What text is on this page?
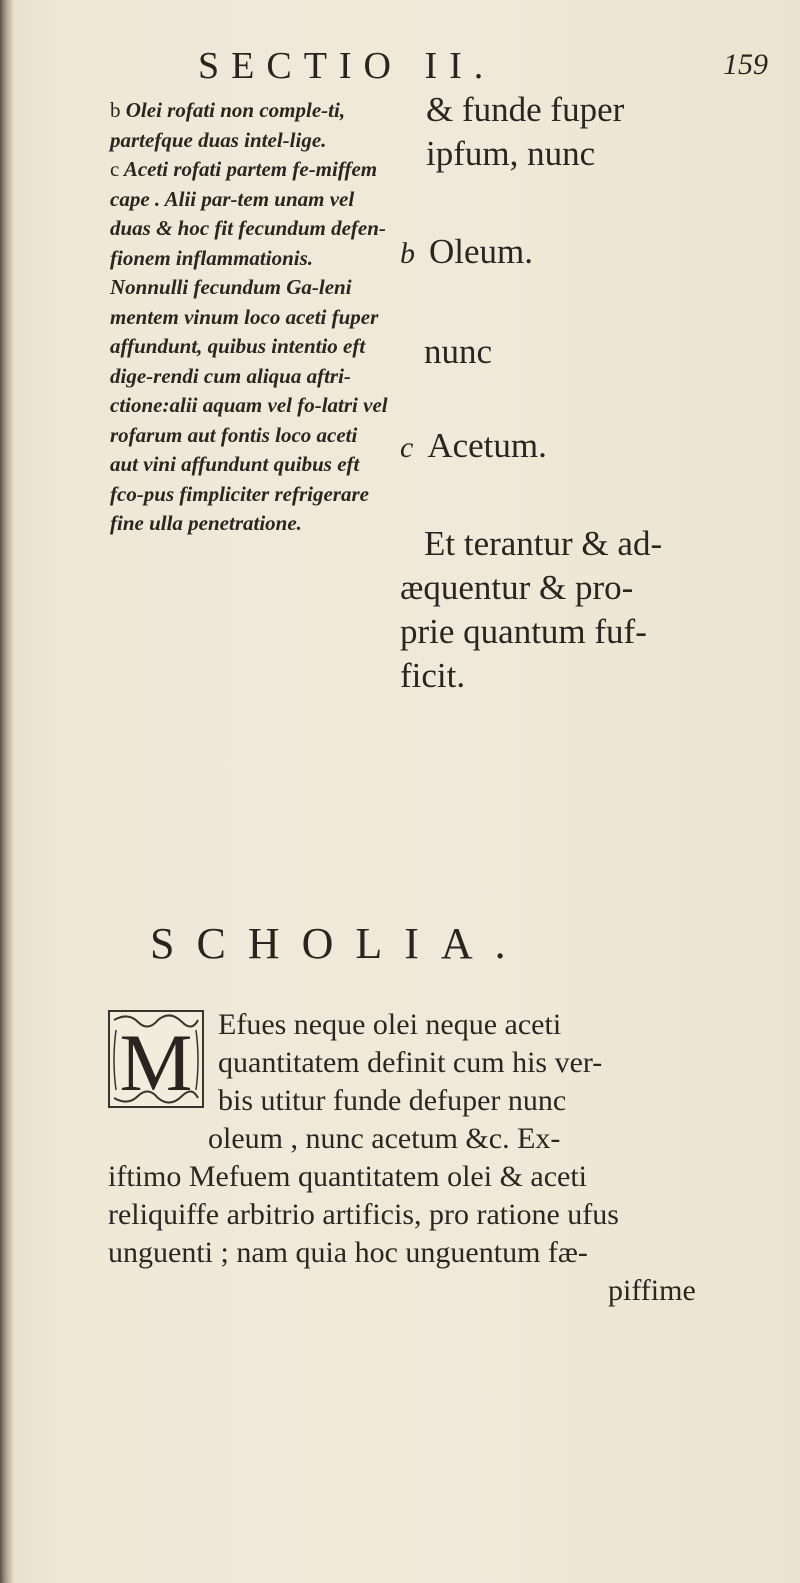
SECTIO II.	159

b Olei rofati non comple-ti, partefque duas intel-lige.

c Aceti rofati partem fe-miffem cape . Alii par-tem unam vel duas & hoc fit fecundum defen-fionem inflammationis. Nonnulli fecundum Ga-leni mentem vinum loco aceti fuper affundunt, quibus intentio eft dige-rendi cum aliqua aftri-ctione:alii aquam vel fo-latri vel rofarum aut fontis loco aceti aut vini affundunt quibus eft fco-pus fimpliciter refrigerare fine ulla penetratione.

& funde fuper
ipfum, nunc
b Oleum.
nunc
c Acetum.
Et terantur & ad-
æquentur & pro-
prie quantum fuf-
ficit.
SCHOLIA.
M Efues neque olei neque aceti
quantitatem definit cum his ver-
bis utitur funde defuper nunc
oleum , nunc acetum &c. Ex-
iftimo Mefuem quantitatem olei & aceti
reliquiffe arbitrio artificis, pro ratione ufus
unguenti ; nam quia hoc unguentum fæ-
piffime
